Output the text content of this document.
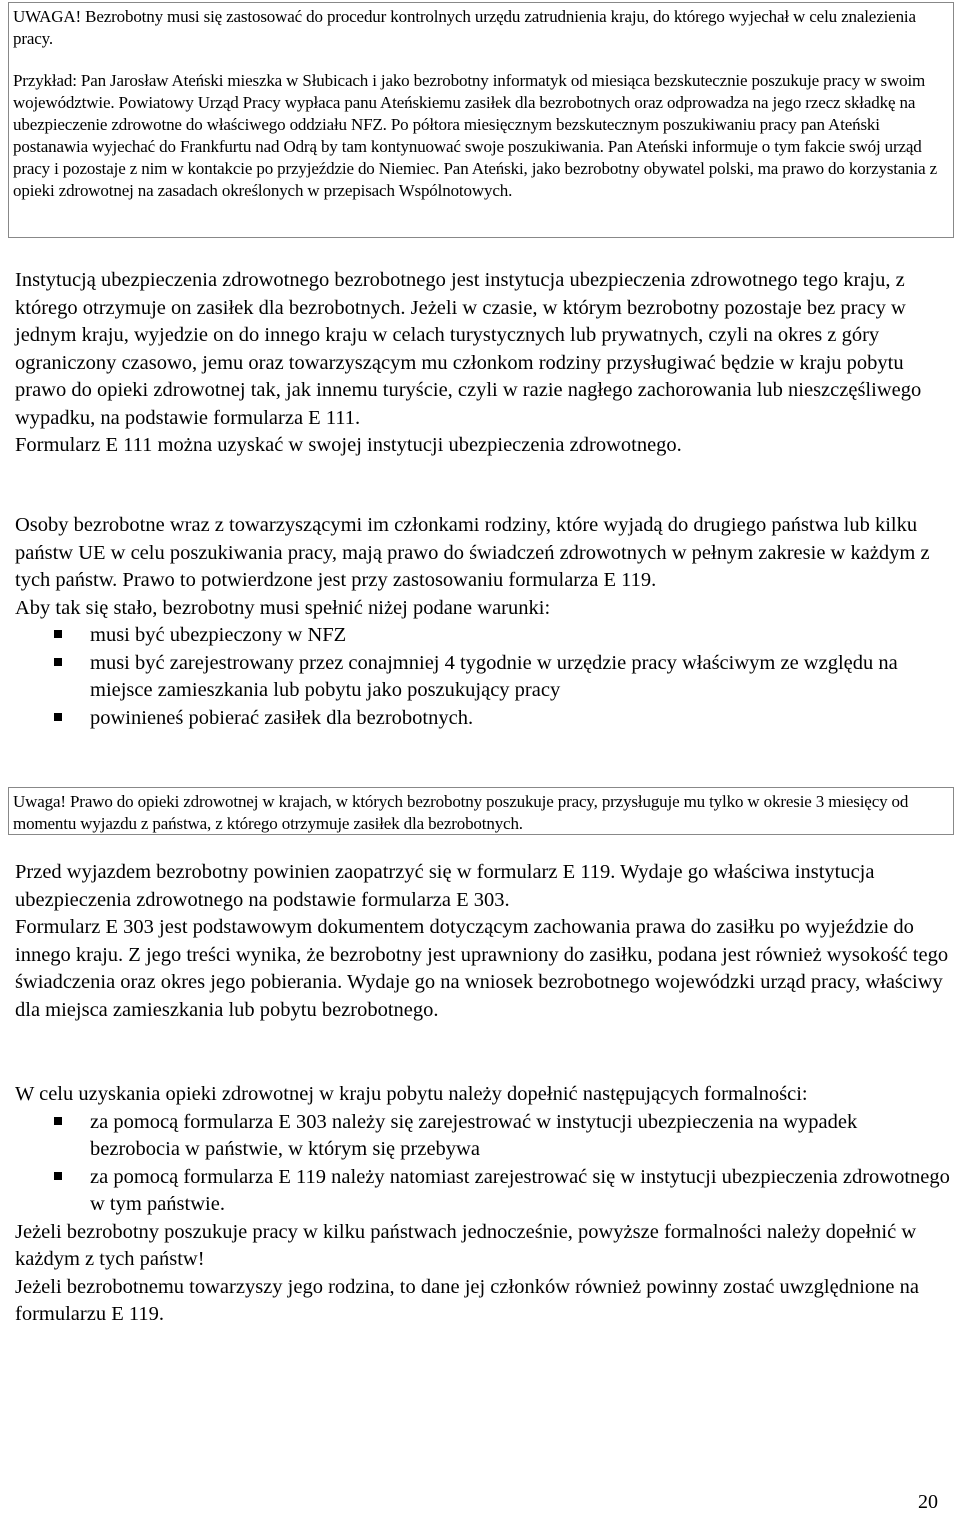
UWAGA! Bezrobotny musi się zastosować do procedur kontrolnych urzędu zatrudnienia kraju, do którego wyjechał w celu znalezienia pracy.

Przykład: Pan Jarosław Ateński mieszka w Słubicach i jako bezrobotny informatyk od miesiąca bezskutecznie poszukuje pracy w swoim województwie. Powiatowy Urząd Pracy wypłaca panu Ateńskiemu zasiłek dla bezrobotnych oraz odprowadza na jego rzecz składkę na ubezpieczenie zdrowotne do właściwego oddziału NFZ. Po półtora miesięcznym bezskutecznym poszukiwaniu pracy pan Ateński postanawia wyjechać do Frankfurtu nad Odrą by tam kontynuować swoje poszukiwania. Pan Ateński informuje o tym fakcie swój urząd pracy i pozostaje z nim w kontakcie po przyjeździe do Niemiec. Pan Ateński, jako bezrobotny obywatel polski, ma prawo do korzystania z opieki zdrowotnej na zasadach określonych w przepisach Wspólnotowych.

Instytucją ubezpieczenia zdrowotnego bezrobotnego jest instytucja ubezpieczenia zdrowotnego tego kraju, z którego otrzymuje on zasiłek dla bezrobotnych. Jeżeli w czasie, w którym bezrobotny pozostaje bez pracy w jednym kraju, wyjedzie on do innego kraju w celach turystycznych lub prywatnych, czyli na okres z góry ograniczony czasowo, jemu oraz towarzyszącym mu członkom rodziny przysługiwać będzie w kraju pobytu prawo do opieki zdrowotnej tak, jak innemu turyście, czyli w razie nagłego zachorowania lub nieszczęśliwego wypadku, na podstawie formularza E 111.

Formularz E 111 można uzyskać w swojej instytucji ubezpieczenia zdrowotnego.

Osoby bezrobotne wraz z towarzyszącymi im członkami rodziny, które wyjadą do drugiego państwa lub kilku państw UE w celu poszukiwania pracy, mają prawo do świadczeń zdrowotnych w pełnym zakresie w każdym z tych państw. Prawo to potwierdzone jest przy zastosowaniu formularza E 119.

Aby tak się stało, bezrobotny musi spełnić niżej podane warunki:

musi być ubezpieczony w NFZ
musi być zarejestrowany przez conajmniej 4 tygodnie w urzędzie pracy właściwym ze względu na miejsce zamieszkania lub pobytu jako poszukujący pracy
powinieneś pobierać zasiłek dla bezrobotnych.

Uwaga! Prawo do opieki zdrowotnej w krajach, w których bezrobotny poszukuje pracy, przysługuje mu tylko w okresie 3 miesięcy od momentu wyjazdu z państwa, z którego otrzymuje zasiłek dla bezrobotnych.

Przed wyjazdem bezrobotny powinien zaopatrzyć się w formularz E 119. Wydaje go właściwa instytucja ubezpieczenia zdrowotnego na podstawie formularza E 303.

Formularz E 303 jest podstawowym dokumentem dotyczącym zachowania prawa do zasiłku po wyjeździe do innego kraju. Z jego treści wynika, że bezrobotny jest uprawniony do zasiłku, podana jest również wysokość tego świadczenia oraz okres jego pobierania. Wydaje go na wniosek bezrobotnego wojewódzki urząd pracy, właściwy dla miejsca zamieszkania lub pobytu bezrobotnego.

W celu uzyskania opieki zdrowotnej w kraju pobytu należy dopełnić następujących formalności:

za pomocą formularza E 303 należy się zarejestrować w instytucji ubezpieczenia na wypadek bezrobocia w państwie, w którym się przebywa
za pomocą formularza E 119 należy natomiast zarejestrować się w instytucji ubezpieczenia zdrowotnego w tym państwie.

Jeżeli bezrobotny poszukuje pracy w kilku państwach jednocześnie, powyższe formalności należy dopełnić w każdym z tych państw!

Jeżeli bezrobotnemu towarzyszy jego rodzina, to dane jej członków również powinny zostać uwzględnione na formularzu E 119.

20
